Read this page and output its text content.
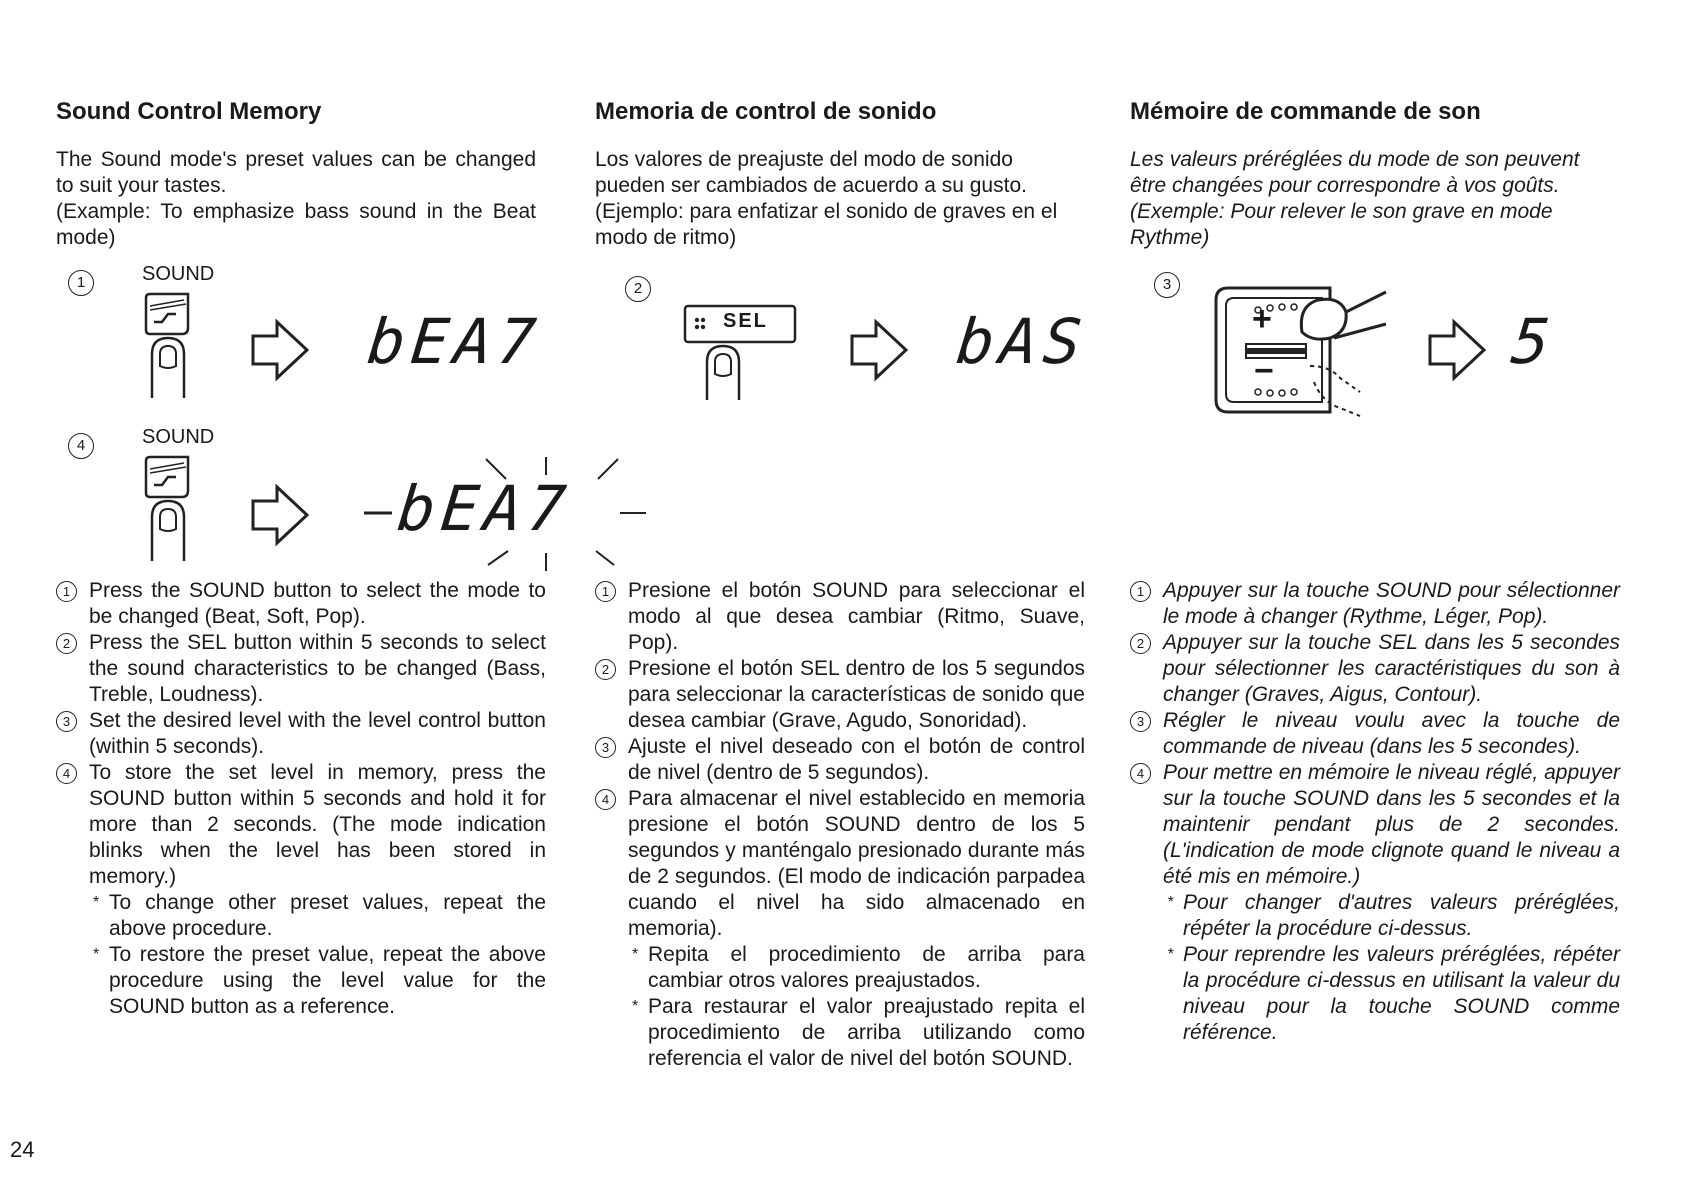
Sound Control Memory

The Sound mode's preset values can be changed to suit your tastes.

(Example: To emphasize bass sound in the Beat mode)

1	SOUND
bEA7
4	SOUND
bEA7
1 Press the SOUND button to select the mode to be changed (Beat, Soft, Pop).
2 Press the SEL button within 5 seconds to select the sound characteristics to be changed (Bass, Treble, Loudness).
3 Set the desired level with the level control button (within 5 seconds).
4 To store the set level in memory, press the SOUND button within 5 seconds and hold it for more than 2 seconds. (The mode indication blinks when the level has been stored in memory.)
* To change other preset values, repeat the above procedure.
* To restore the preset value, repeat the above procedure using the level value for the SOUND button as a reference.
Memoria de control de sonido

Los valores de preajuste del modo de sonido pueden ser cambiados de acuerdo a su gusto.

(Ejemplo: para enfatizar el sonido de graves en el modo de ritmo)

2
SEL	bAS
1 Presione el botón SOUND para seleccionar el modo al que desea cambiar (Ritmo, Suave, Pop).
2 Presione el botón SEL dentro de los 5 segundos para seleccionar la características de sonido que desea cambiar (Grave, Agudo, Sonoridad).
3 Ajuste el nivel deseado con el botón de control de nivel (dentro de 5 segundos).
4 Para almacenar el nivel establecido en memoria presione el botón SOUND dentro de los 5 segundos y manténgalo presionado durante más de 2 segundos. (El modo de indicación parpadea cuando el nivel ha sido almacenado en memoria).
* Repita el procedimiento de arriba para cambiar otros valores preajustados.
* Para restaurar el valor preajustado repita el procedimiento de arriba utilizando como referencia el valor de nivel del botón SOUND.
Mémoire de commande de son

Les valeurs préréglées du mode de son peuvent être changées pour correspondre à vos goûts.

(Exemple: Pour relever le son grave en mode Rythme)

3
+
−	5
1 Appuyer sur la touche SOUND pour sélectionner le mode à changer (Rythme, Léger, Pop).
2 Appuyer sur la touche SEL dans les 5 secondes pour sélectionner les caractéristiques du son à changer (Graves, Aigus, Contour).
3 Régler le niveau voulu avec la touche de commande de niveau (dans les 5 secondes).
4 Pour mettre en mémoire le niveau réglé, appuyer sur la touche SOUND dans les 5 secondes et la maintenir pendant plus de 2 secondes. (L'indication de mode clignote quand le niveau a été mis en mémoire.)
* Pour changer d'autres valeurs préréglées, répéter la procédure ci-dessus.
* Pour reprendre les valeurs préréglées, répéter la procédure ci-dessus en utilisant la valeur du niveau pour la touche SOUND comme référence.
24
